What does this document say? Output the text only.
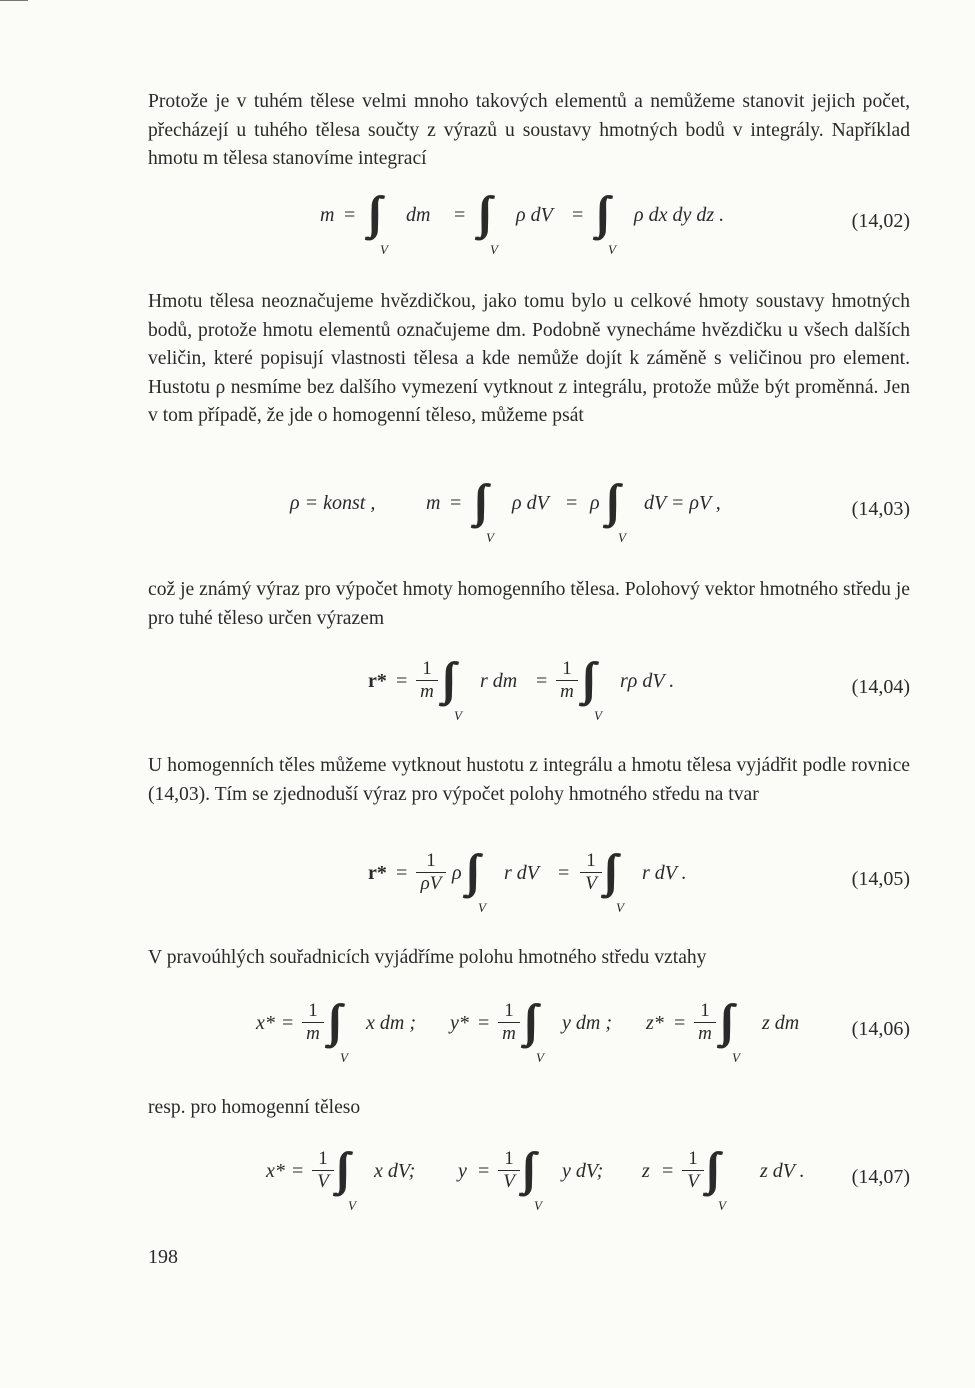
Protože je v tuhém tělese velmi mnoho takových elementů a nemůžeme stanovit jejich počet, přecházejí u tuhého tělesa součty z výrazů u soustavy hmotných bodů v integrály. Například hmotu m tělesa stanovíme integrací

m =
V
dm =
V
ρ dV =
V
ρ dx dy dz .	(14,02)

Hmotu tělesa neoznačujeme hvězdičkou, jako tomu bylo u celkové hmoty soustavy hmotných bodů, protože hmotu elementů označujeme dm. Podobně vynecháme hvězdičku u všech dalších veličin, které popisují vlastnosti tělesa a kde nemůže dojít k záměně s veličinou pro element. Hustotu ρ nesmíme bez dalšího vymezení vytknout z integrálu, protože může být proměnná. Jen v tom případě, že jde o homogenní těleso, můžeme psát

ρ = konst ,	m =
V
ρ dV = ρ
V
dV = ρV ,	(14,03)

což je známý výraz pro výpočet hmoty homogenního tělesa. Polohový vektor hmotného středu je pro tuhé těleso určen výrazem

r* =
1
m
V
r dm =
1
m
V
rρ dV .	(14,04)

U homogenních těles můžeme vytknout hustotu z integrálu a hmotu tělesa vyjádřit podle rovnice (14,03). Tím se zjednoduší výraz pro výpočet polohy hmotného středu na tvar

r* =
1
ρV ρ
V
r dV =
1
V
V
r dV .	(14,05)

V pravoúhlých souřadnicích vyjádříme polohu hmotného středu vztahy

x* =
1
m
V
x dm ; y* =
1
m
V
y dm ; z* =
1
m
V
z dm	(14,06)

resp. pro homogenní těleso

x* =
1
V
V
x dV; y =
1
V
V
y dV; z =
1
V
V
z dV . (14,07)
198
